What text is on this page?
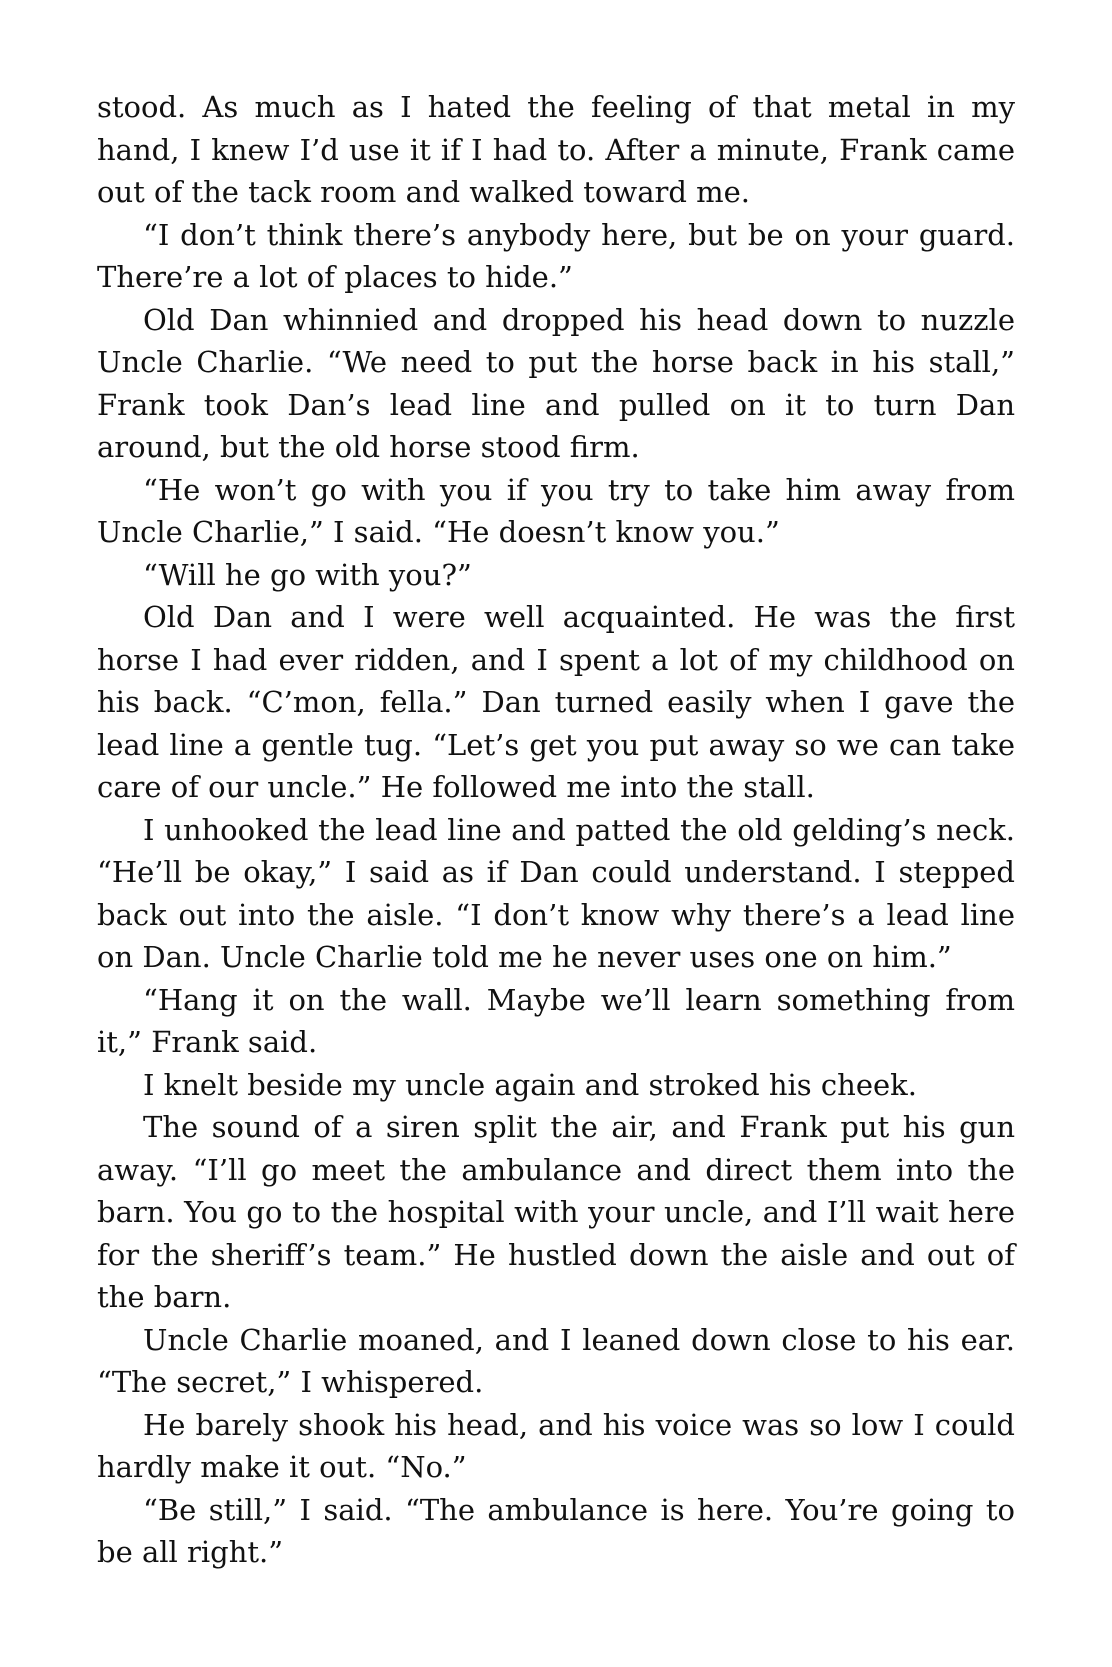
stood. As much as I hated the feeling of that metal in my hand, I knew I’d use it if I had to. After a minute, Frank came out of the tack room and walked toward me.

“I don’t think there’s anybody here, but be on your guard. There’re a lot of places to hide.”

Old Dan whinnied and dropped his head down to nuzzle Uncle Charlie. “We need to put the horse back in his stall,” Frank took Dan’s lead line and pulled on it to turn Dan around, but the old horse stood firm.

“He won’t go with you if you try to take him away from Uncle Charlie,” I said. “He doesn’t know you.”

“Will he go with you?”

Old Dan and I were well acquainted. He was the first horse I had ever ridden, and I spent a lot of my childhood on his back. “C’mon, fella.” Dan turned easily when I gave the lead line a gentle tug. “Let’s get you put away so we can take care of our uncle.” He followed me into the stall.

I unhooked the lead line and patted the old gelding’s neck. “He’ll be okay,” I said as if Dan could understand. I stepped back out into the aisle. “I don’t know why there’s a lead line on Dan. Uncle Charlie told me he never uses one on him.”

“Hang it on the wall. Maybe we’ll learn something from it,” Frank said.

I knelt beside my uncle again and stroked his cheek.

The sound of a siren split the air, and Frank put his gun away. “I’ll go meet the ambulance and direct them into the barn. You go to the hospital with your uncle, and I’ll wait here for the sheriff’s team.” He hustled down the aisle and out of the barn.

Uncle Charlie moaned, and I leaned down close to his ear. “The secret,” I whispered.

He barely shook his head, and his voice was so low I could hardly make it out. “No.”

“Be still,” I said. “The ambulance is here. You’re going to be all right.”
